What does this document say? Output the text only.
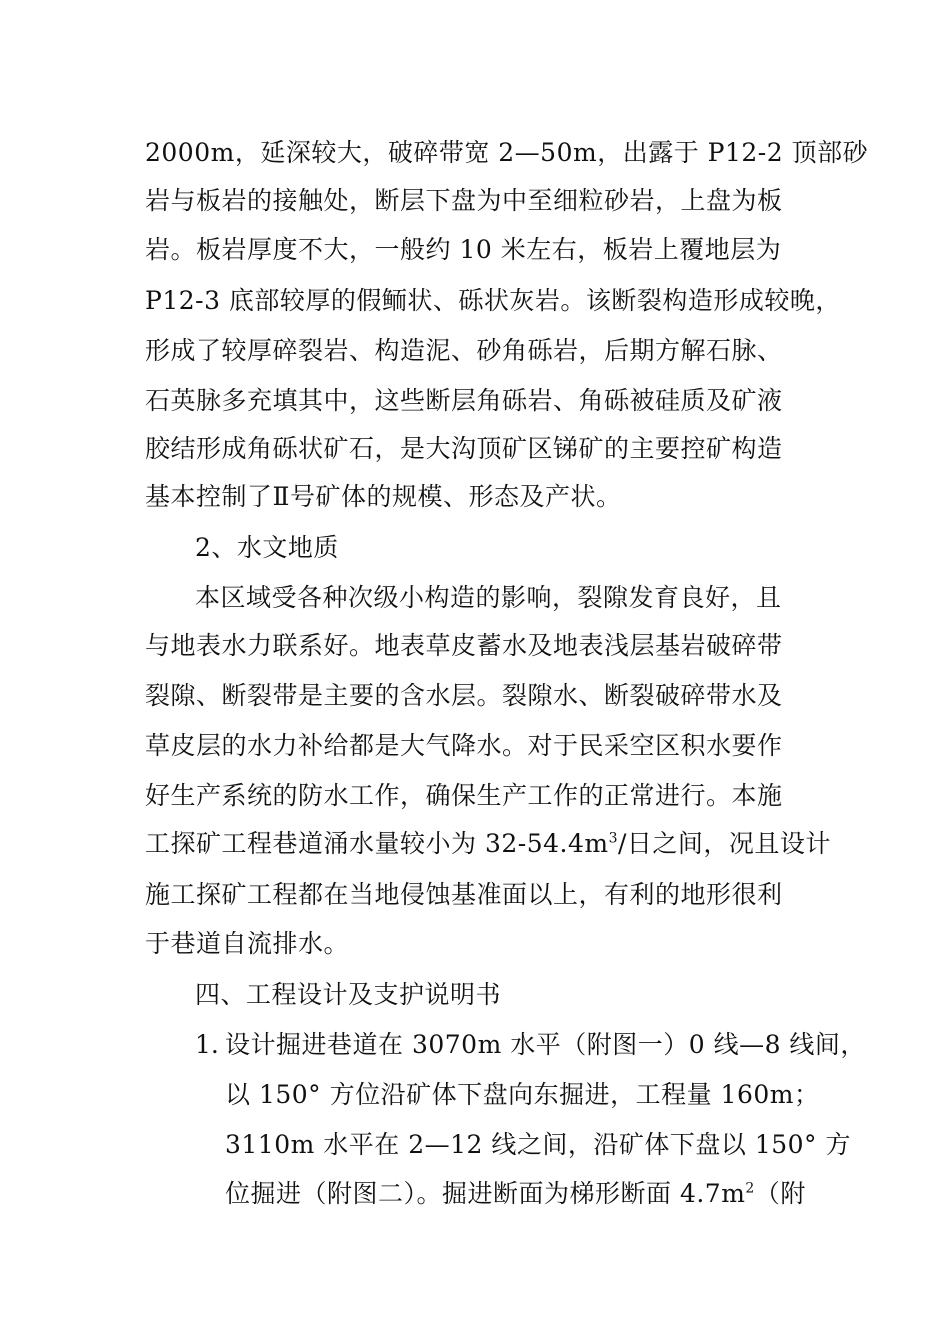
2000m，延深较大，破碎带宽 2—50m，出露于 P12-2 顶部砂
岩与板岩的接触处，断层下盘为中至细粒砂岩，上盘为板
岩。板岩厚度不大，一般约 10 米左右，板岩上覆地层为
P12-3 底部较厚的假鲕状、砾状灰岩。该断裂构造形成较晚，
形成了较厚碎裂岩、构造泥、砂角砾岩，后期方解石脉、
石英脉多充填其中，这些断层角砾岩、角砾被硅质及矿液
胶结形成角砾状矿石，是大沟顶矿区锑矿的主要控矿构造
基本控制了Ⅱ号矿体的规模、形态及产状。
2、水文地质
本区域受各种次级小构造的影响，裂隙发育良好，且
与地表水力联系好。地表草皮蓄水及地表浅层基岩破碎带
裂隙、断裂带是主要的含水层。裂隙水、断裂破碎带水及
草皮层的水力补给都是大气降水。对于民采空区积水要作
好生产系统的防水工作，确保生产工作的正常进行。本施
工探矿工程巷道涌水量较小为 $32-54.4m^3/$日之间，况且设计
施工探矿工程都在当地侵蚀基准面以上，有利的地形很利
于巷道自流排水。
四、工程设计及支护说明书
1. 设计掘进巷道在 3070m 水平（附图一）0 线—8 线间，
以 150° 方位沿矿体下盘向东掘进，工程量 160m；
3110m 水平在 2—12 线之间，沿矿体下盘以 150° 方
位掘进（附图二）。掘进断面为梯形断面 $4.7m^2$（附
